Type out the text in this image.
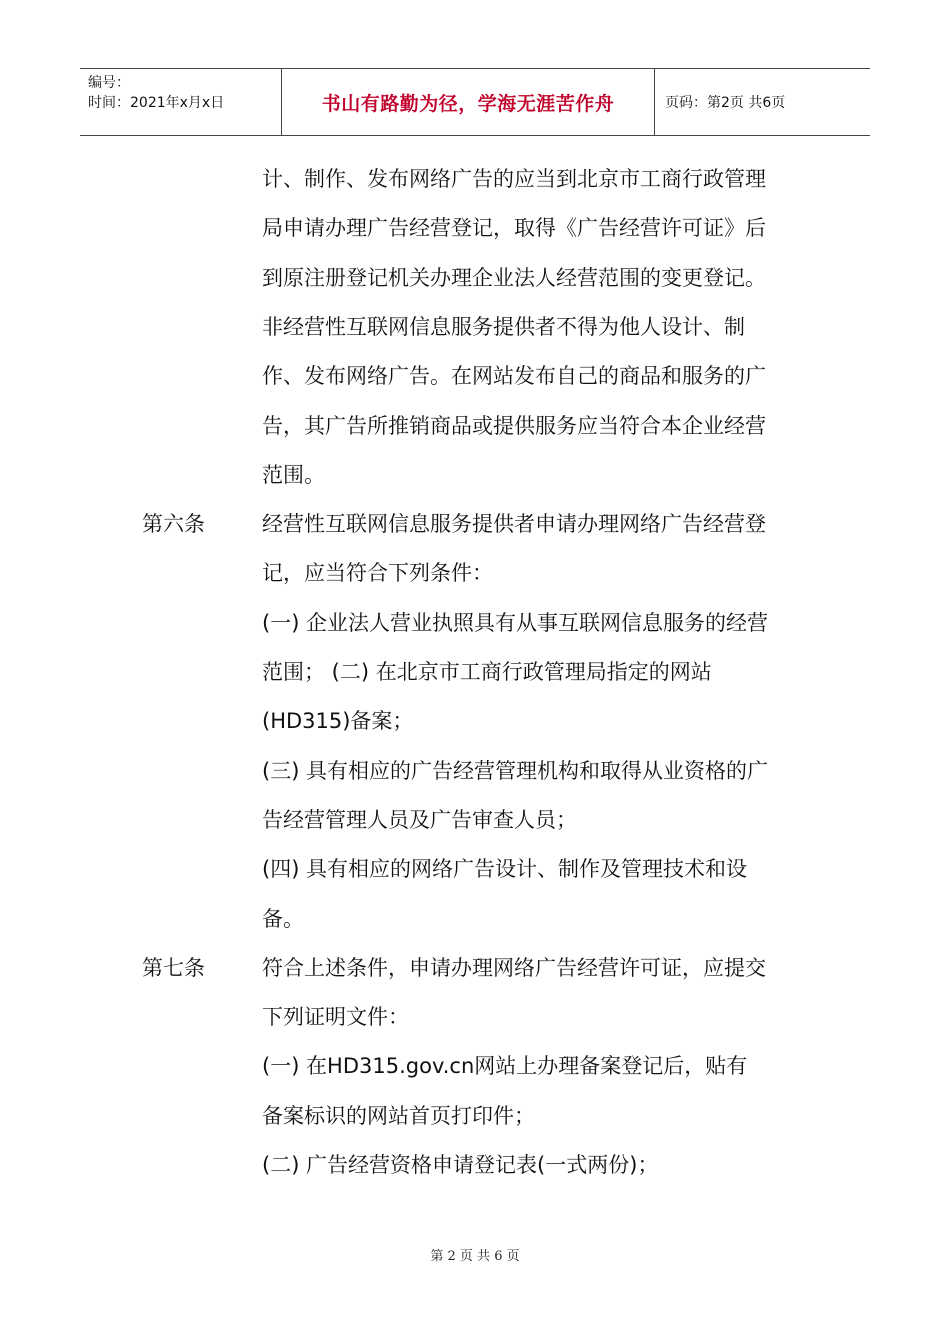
编号：
时间：2021年x月x日	书山有路勤为径，学海无涯苦作舟	页码：第2页 共6页
计、制作、发布网络广告的应当到北京市工商行政管理
局申请办理广告经营登记，取得《广告经营许可证》后
到原注册登记机关办理企业法人经营范围的变更登记。
非经营性互联网信息服务提供者不得为他人设计、制
作、发布网络广告。在网站发布自己的商品和服务的广
告，其广告所推销商品或提供服务应当符合本企业经营
范围。
第六条	经营性互联网信息服务提供者申请办理网络广告经营登
记，应当符合下列条件：
(一) 企业法人营业执照具有从事互联网信息服务的经营
范围； (二) 在北京市工商行政管理局指定的网站
(HD315)备案；
(三) 具有相应的广告经营管理机构和取得从业资格的广
告经营管理人员及广告审查人员；
(四) 具有相应的网络广告设计、制作及管理技术和设
备。
第七条	符合上述条件，申请办理网络广告经营许可证，应提交
下列证明文件：
(一) 在HD315.gov.cn网站上办理备案登记后，贴有
备案标识的网站首页打印件；
(二) 广告经营资格申请登记表(一式两份)；
第 2 页 共 6 页
